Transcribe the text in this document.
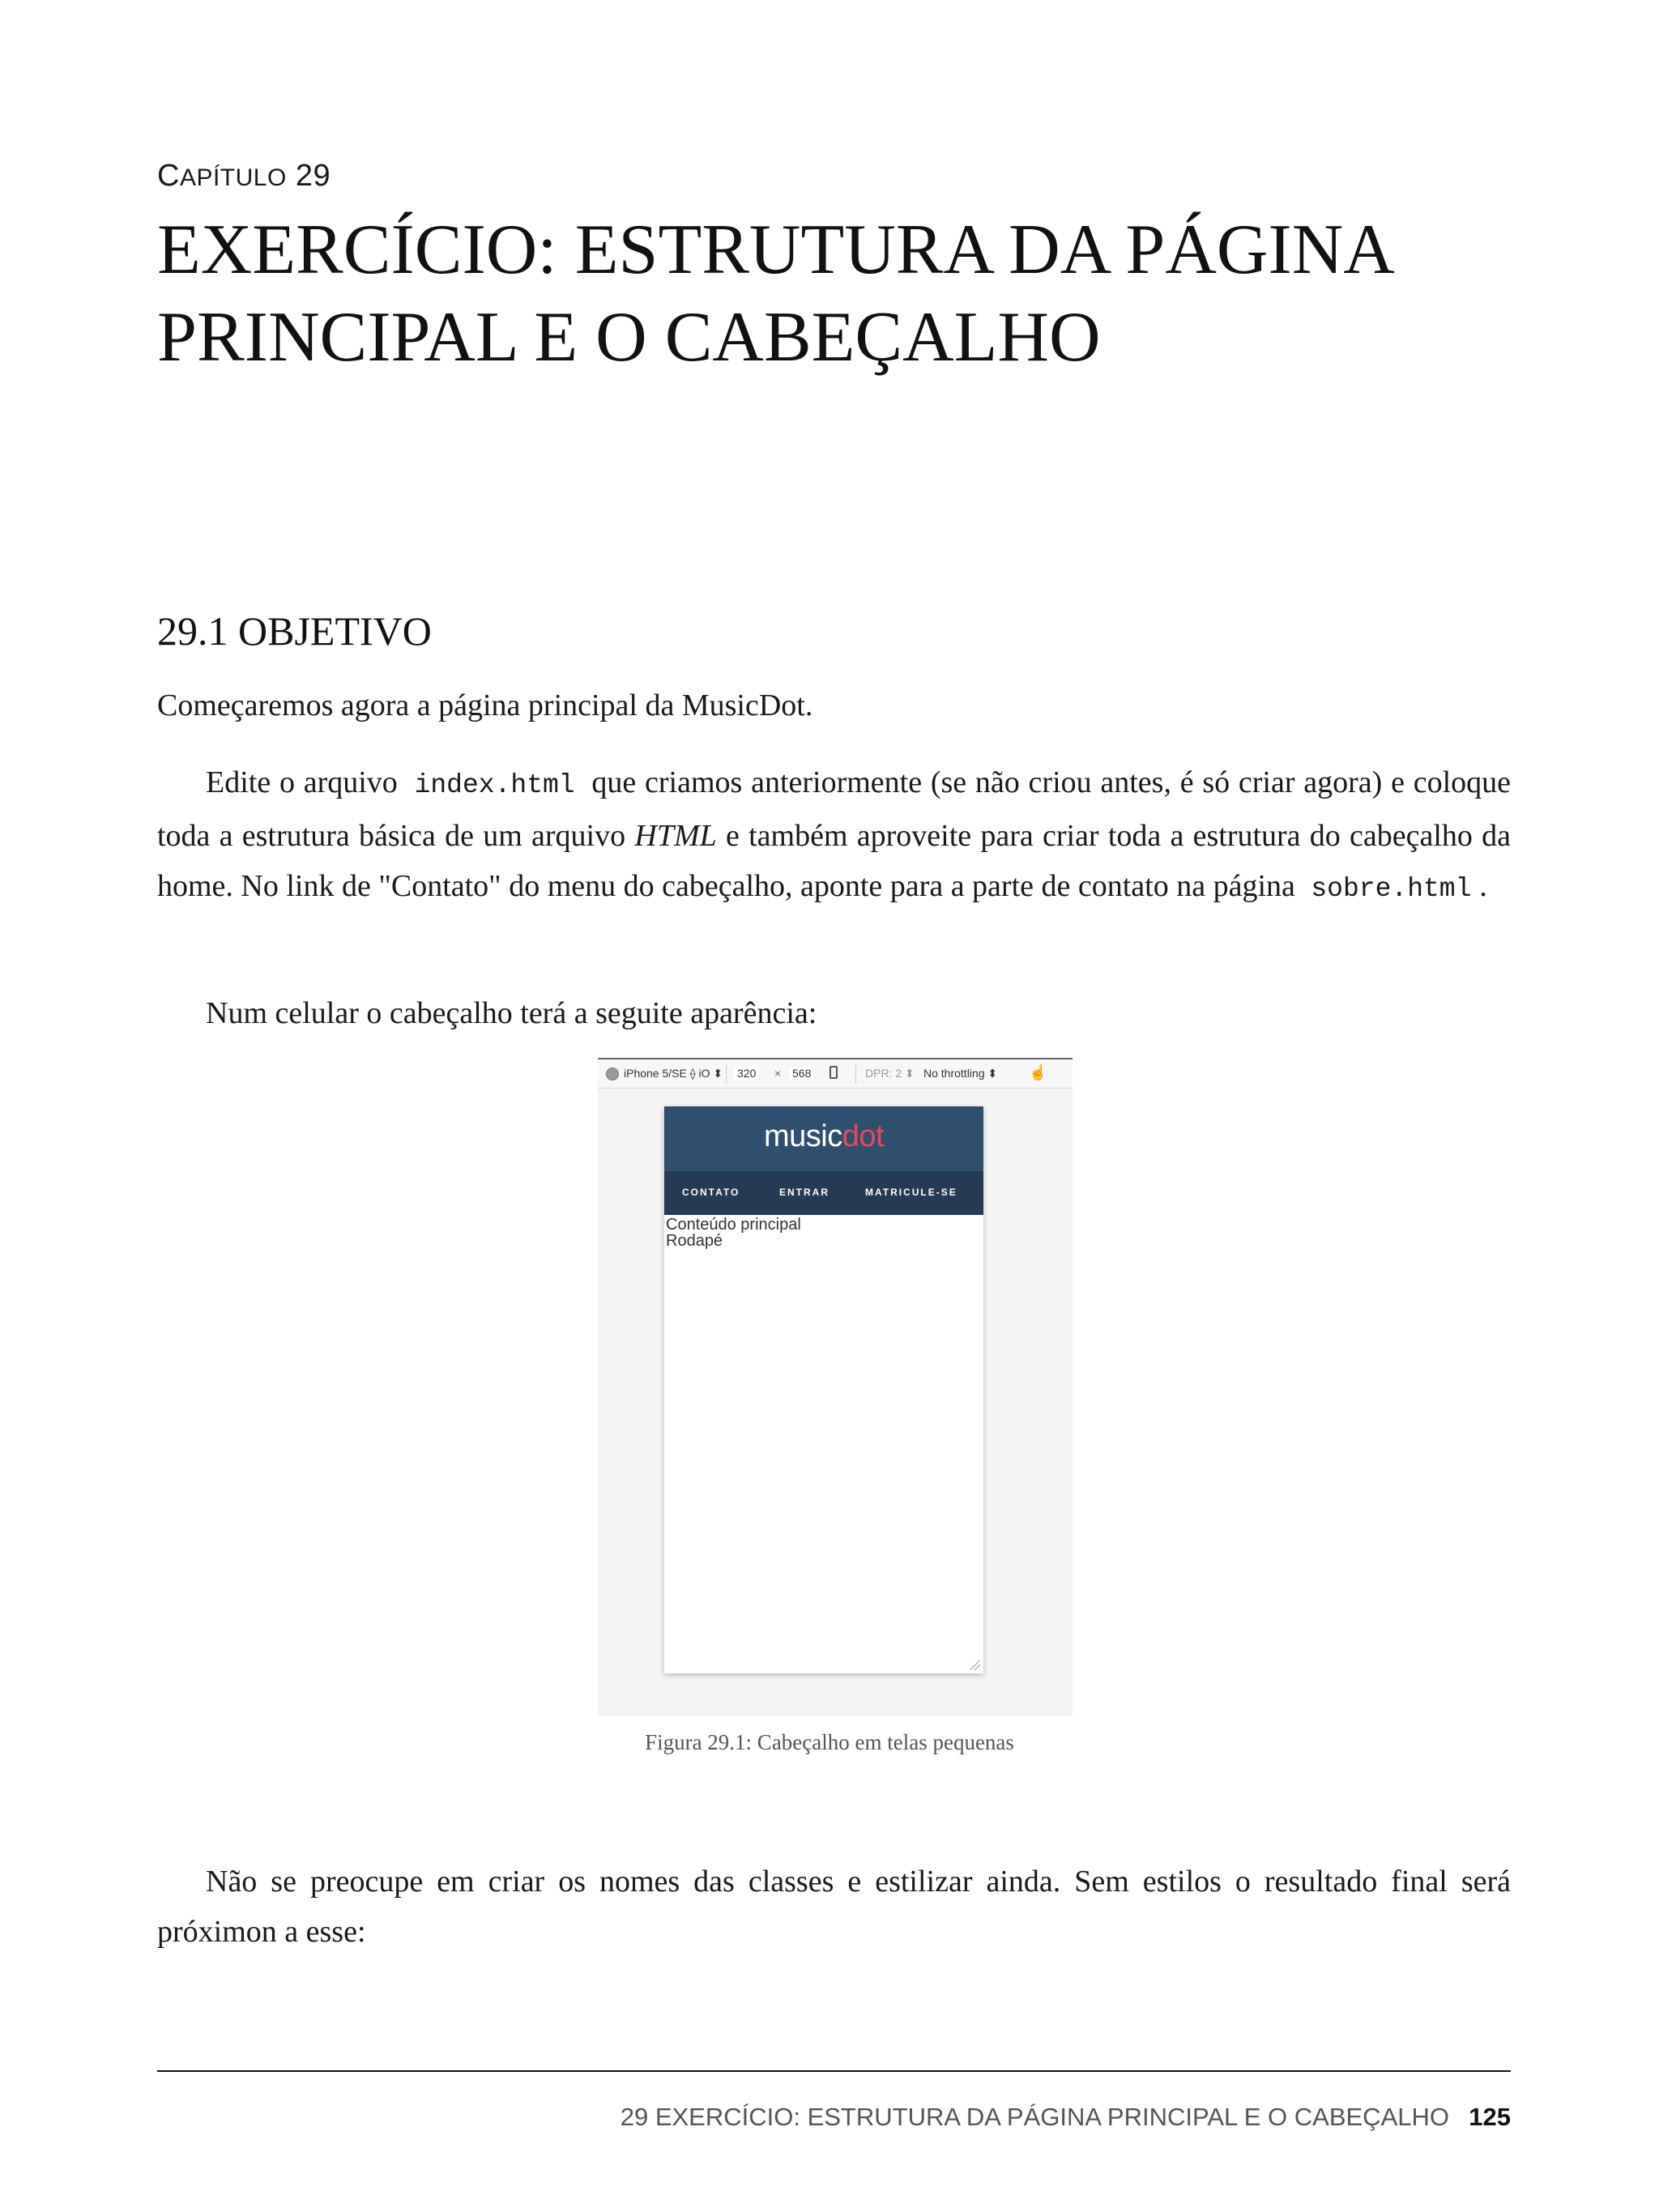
CAPÍTULO 29
EXERCÍCIO: ESTRUTURA DA PÁGINA
PRINCIPAL E O CABEÇALHO
29.1 OBJETIVO

Começaremos agora a página principal da MusicDot.

Edite o arquivo index.html que criamos anteriormente (se não criou antes, é só criar agora) e coloque toda a estrutura básica de um arquivo HTML e também aproveite para criar toda a estrutura do cabeçalho da home. No link de "Contato" do menu do cabeçalho, aponte para a parte de contato na página sobre.html .

Num celular o cabeçalho terá a seguite aparência:

iPhone 5/SE ⟠ iO ⬍ 320 × 568	DPR: 2 ⬍ No throttling ⬍ ☝
musicdot
CONTATO	ENTRAR	MATRICULE-SE
Conteúdo principal
Rodapé
Figura 29.1: Cabeçalho em telas pequenas

Não se preocupe em criar os nomes das classes e estilizar ainda. Sem estilos o resultado final será próximon a esse:

29 EXERCÍCIO: ESTRUTURA DA PÁGINA PRINCIPAL E O CABEÇALHO 125
